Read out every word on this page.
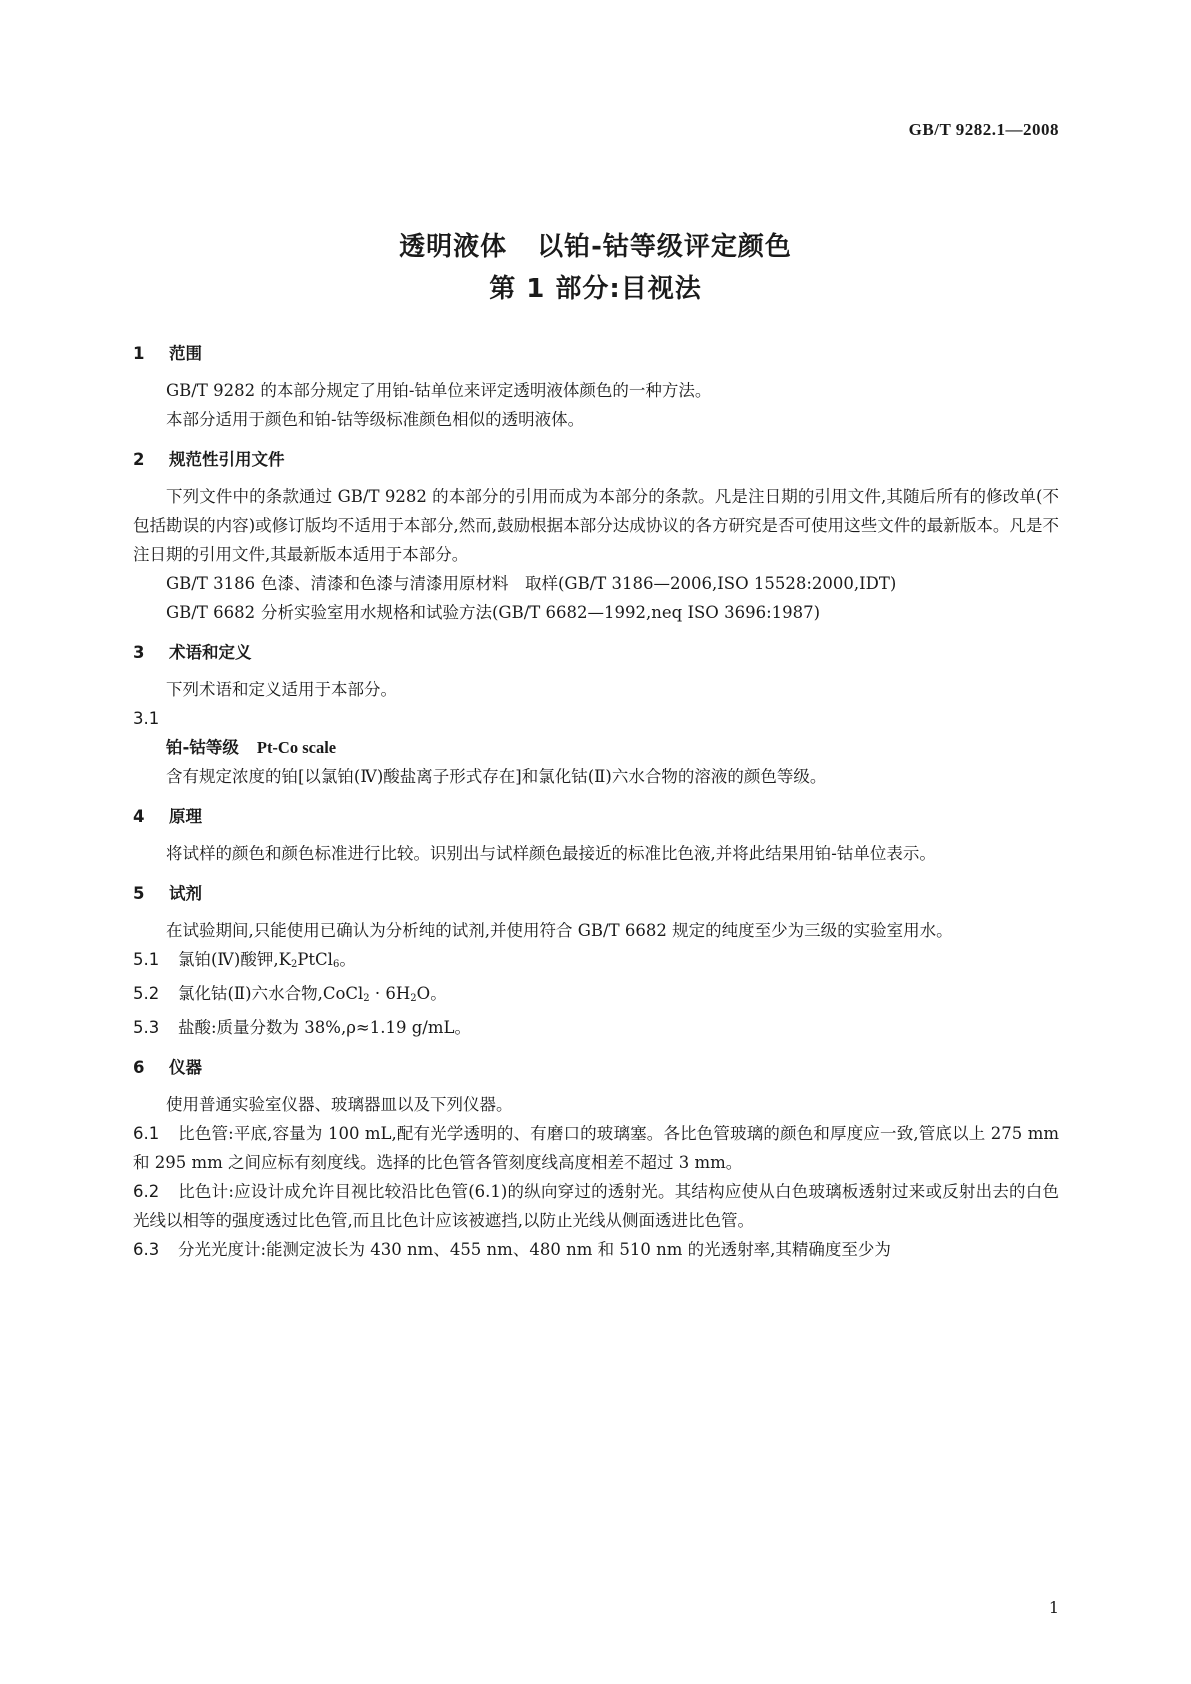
GB/T 9282.1—2008
透明液体 以铂-钴等级评定颜色
第 1 部分:目视法
1 范围

GB/T 9282 的本部分规定了用铂-钴单位来评定透明液体颜色的一种方法。

本部分适用于颜色和铂-钴等级标准颜色相似的透明液体。

2 规范性引用文件

下列文件中的条款通过 GB/T 9282 的本部分的引用而成为本部分的条款。凡是注日期的引用文件,其随后所有的修改单(不包括勘误的内容)或修订版均不适用于本部分,然而,鼓励根据本部分达成协议的各方研究是否可使用这些文件的最新版本。凡是不注日期的引用文件,其最新版本适用于本部分。

GB/T 3186 色漆、清漆和色漆与清漆用原材料　取样(GB/T 3186—2006,ISO 15528:2000,IDT)
GB/T 6682 分析实验室用水规格和试验方法(GB/T 6682—1992,neq ISO 3696:1987)
3 术语和定义

下列术语和定义适用于本部分。

3.1
铂-钴等级 Pt-Co scale

含有规定浓度的铂[以氯铂(Ⅳ)酸盐离子形式存在]和氯化钴(Ⅱ)六水合物的溶液的颜色等级。

4 原理

将试样的颜色和颜色标准进行比较。识别出与试样颜色最接近的标准比色液,并将此结果用铂-钴单位表示。

5 试剂

在试验期间,只能使用已确认为分析纯的试剂,并使用符合 GB/T 6682 规定的纯度至少为三级的实验室用水。

5.1 氯铂(Ⅳ)酸钾$,K_2PtCl_6$。
5.2 氯化钴(Ⅱ)六水合物,CoCl$_2$ · $6H_2O$。
5.3 盐酸:质量分数为 38%,ρ≈1.19 g/mL。
6 仪器

使用普通实验室仪器、玻璃器皿以及下列仪器。

6.1 比色管:平底,容量为 100 mL,配有光学透明的、有磨口的玻璃塞。各比色管玻璃的颜色和厚度应一致,管底以上 275 mm 和 295 mm 之间应标有刻度线。选择的比色管各管刻度线高度相差不超过 3 mm。
6.2 比色计:应设计成允许目视比较沿比色管(6.1)的纵向穿过的透射光。其结构应使从白色玻璃板透射过来或反射出去的白色光线以相等的强度透过比色管,而且比色计应该被遮挡,以防止光线从侧面透进比色管。
6.3 分光光度计:能测定波长为 430 nm、455 nm、480 nm 和 510 nm 的光透射率,其精确度至少为
1
